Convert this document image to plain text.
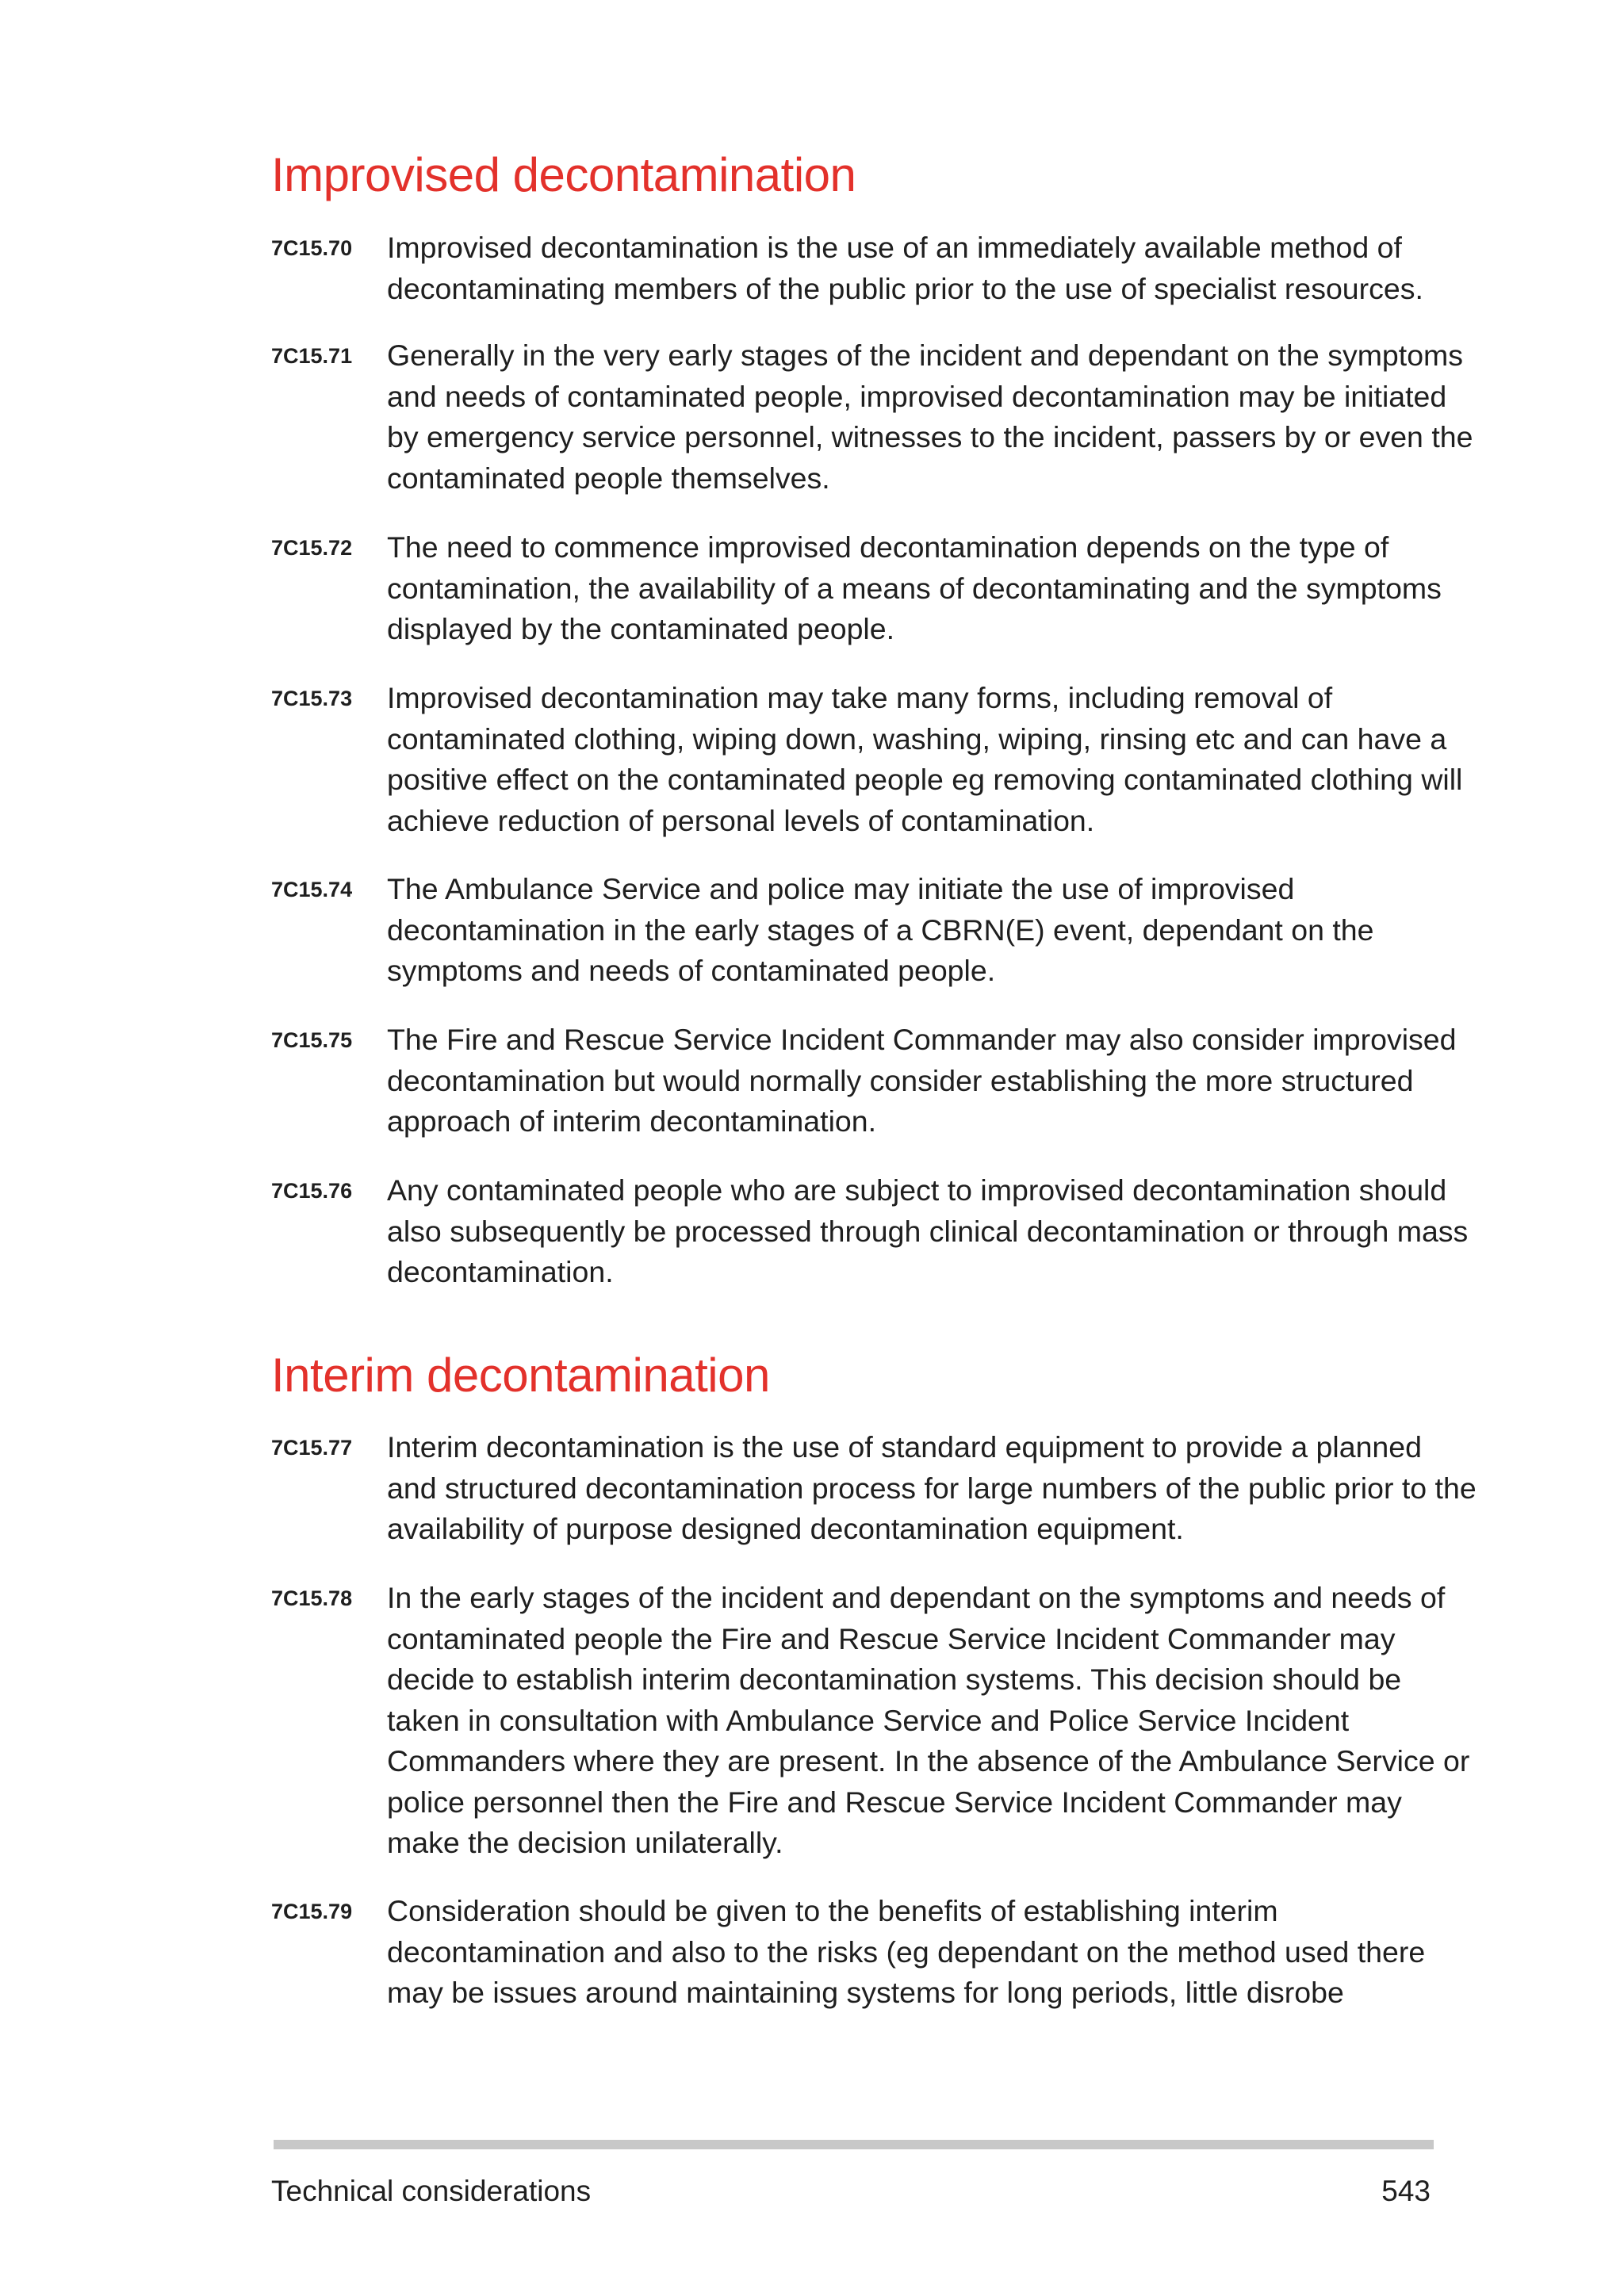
Improvised decontamination
7C15.70	Improvised decontamination is the use of an immediately available method of decontaminating members of the public prior to the use of specialist resources.

7C15.71	Generally in the very early stages of the incident and dependant on the symptoms and needs of contaminated people, improvised decontamination may be initiated by emergency service personnel, witnesses to the incident, passers by or even the contaminated people themselves.

7C15.72	The need to commence improvised decontamination depends on the type of contamination, the availability of a means of decontaminating and the symptoms displayed by the contaminated people.

7C15.73	Improvised decontamination may take many forms, including removal of contaminated clothing, wiping down, washing, wiping, rinsing etc and can have a positive effect on the contaminated people eg removing contaminated clothing will achieve reduction of personal levels of contamination.

7C15.74	The Ambulance Service and police may initiate the use of improvised decontamination in the early stages of a CBRN(E) event, dependant on the symptoms and needs of contaminated people.

7C15.75	The Fire and Rescue Service Incident Commander may also consider improvised decontamination but would normally consider establishing the more structured approach of interim decontamination.

7C15.76	Any contaminated people who are subject to improvised decontamination should also subsequently be processed through clinical decontamination or through mass decontamination.

Interim decontamination
7C15.77	Interim decontamination is the use of standard equipment to provide a planned and structured decontamination process for large numbers of the public prior to the availability of purpose designed decontamination equipment.

7C15.78	In the early stages of the incident and dependant on the symptoms and needs of contaminated people the Fire and Rescue Service Incident Commander may decide to establish interim decontamination systems. This decision should be taken in consultation with Ambulance Service and Police Service Incident Commanders where they are present. In the absence of the Ambulance Service or police personnel then the Fire and Rescue Service Incident Commander may make the decision unilaterally.

7C15.79	Consideration should be given to the benefits of establishing interim decontamination and also to the risks (eg dependant on the method used there may be issues around maintaining systems for long periods, little disrobe

Technical considerations	543
